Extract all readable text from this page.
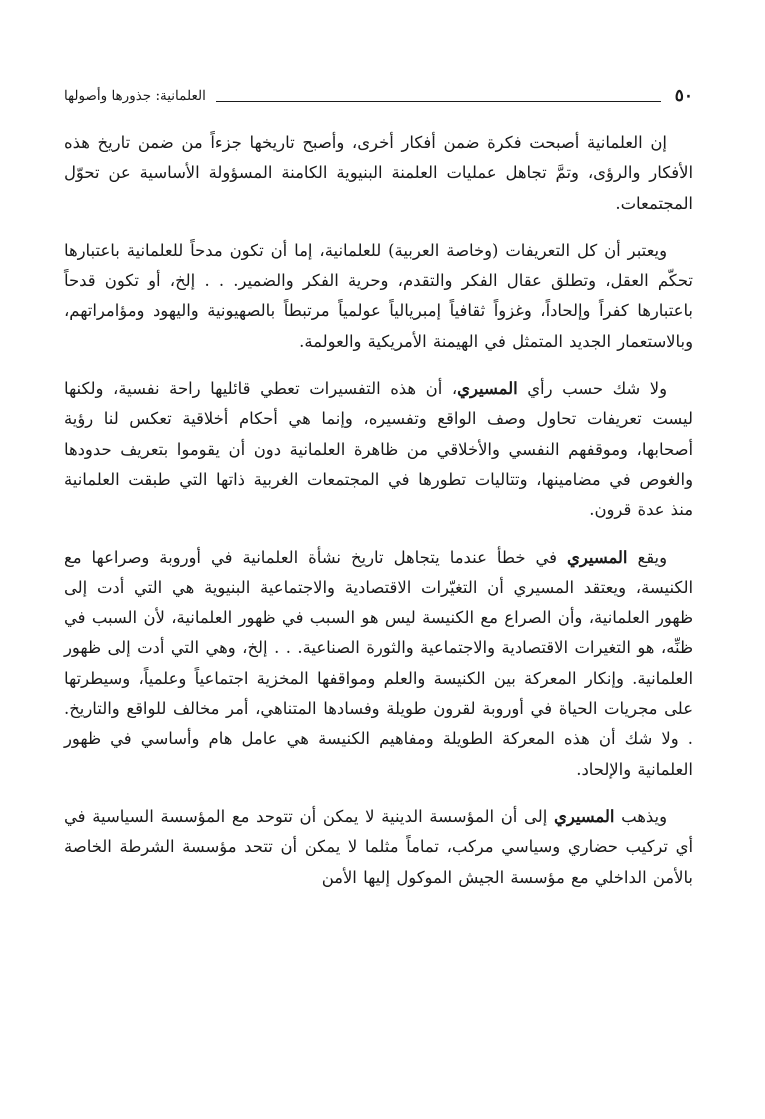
٥٠
العلمانية: جذورها وأصولها

إن العلمانية أصبحت فكرة ضمن أفكار أخرى، وأصبح تاريخها جزءاً من ضمن تاريخ هذه الأفكار والرؤى، وتمَّ تجاهل عمليات العلمنة البنيوية الكامنة المسؤولة الأساسية عن تحوّل المجتمعات.

ويعتبر أن كل التعريفات (وخاصة العربية) للعلمانية، إما أن تكون مدحاً للعلمانية باعتبارها تحكّم العقل، وتطلق عقال الفكر والتقدم، وحرية الفكر والضمير. . . إلخ، أو تكون قدحاً باعتبارها كفراً وإلحاداً، وغزواً ثقافياً إمبريالياً عولمياً مرتبطاً بالصهيونية واليهود ومؤامراتهم، وبالاستعمار الجديد المتمثل في الهيمنة الأمريكية والعولمة.

ولا شك حسب رأي المسيري، أن هذه التفسيرات تعطي قائليها راحة نفسية، ولكنها ليست تعريفات تحاول وصف الواقع وتفسيره، وإنما هي أحكام أخلاقية تعكس لنا رؤية أصحابها، وموقفهم النفسي والأخلاقي من ظاهرة العلمانية دون أن يقوموا بتعريف حدودها والغوص في مضامينها، وتتاليات تطورها في المجتمعات الغربية ذاتها التي طبقت العلمانية منذ عدة قرون.

ويقع المسيري في خطأ عندما يتجاهل تاريخ نشأة العلمانية في أوروبة وصراعها مع الكنيسة، ويعتقد المسيري أن التغيّرات الاقتصادية والاجتماعية البنيوية هي التي أدت إلى ظهور العلمانية، وأن الصراع مع الكنيسة ليس هو السبب في ظهور العلمانية، لأن السبب في ظنِّه، هو التغيرات الاقتصادية والاجتماعية والثورة الصناعية. . . إلخ، وهي التي أدت إلى ظهور العلمانية. وإنكار المعركة بين الكنيسة والعلم ومواقفها المخزية اجتماعياً وعلمياً، وسيطرتها على مجريات الحياة في أوروبة لقرون طويلة وفسادها المتناهي، أمر مخالف للواقع والتاريخ. . ولا شك أن هذه المعركة الطويلة ومفاهيم الكنيسة هي عامل هام وأساسي في ظهور العلمانية والإلحاد.

ويذهب المسيري إلى أن المؤسسة الدينية لا يمكن أن تتوحد مع المؤسسة السياسية في أي تركيب حضاري وسياسي مركب، تماماً مثلما لا يمكن أن تتحد مؤسسة الشرطة الخاصة بالأمن الداخلي مع مؤسسة الجيش الموكول إليها الأمن
